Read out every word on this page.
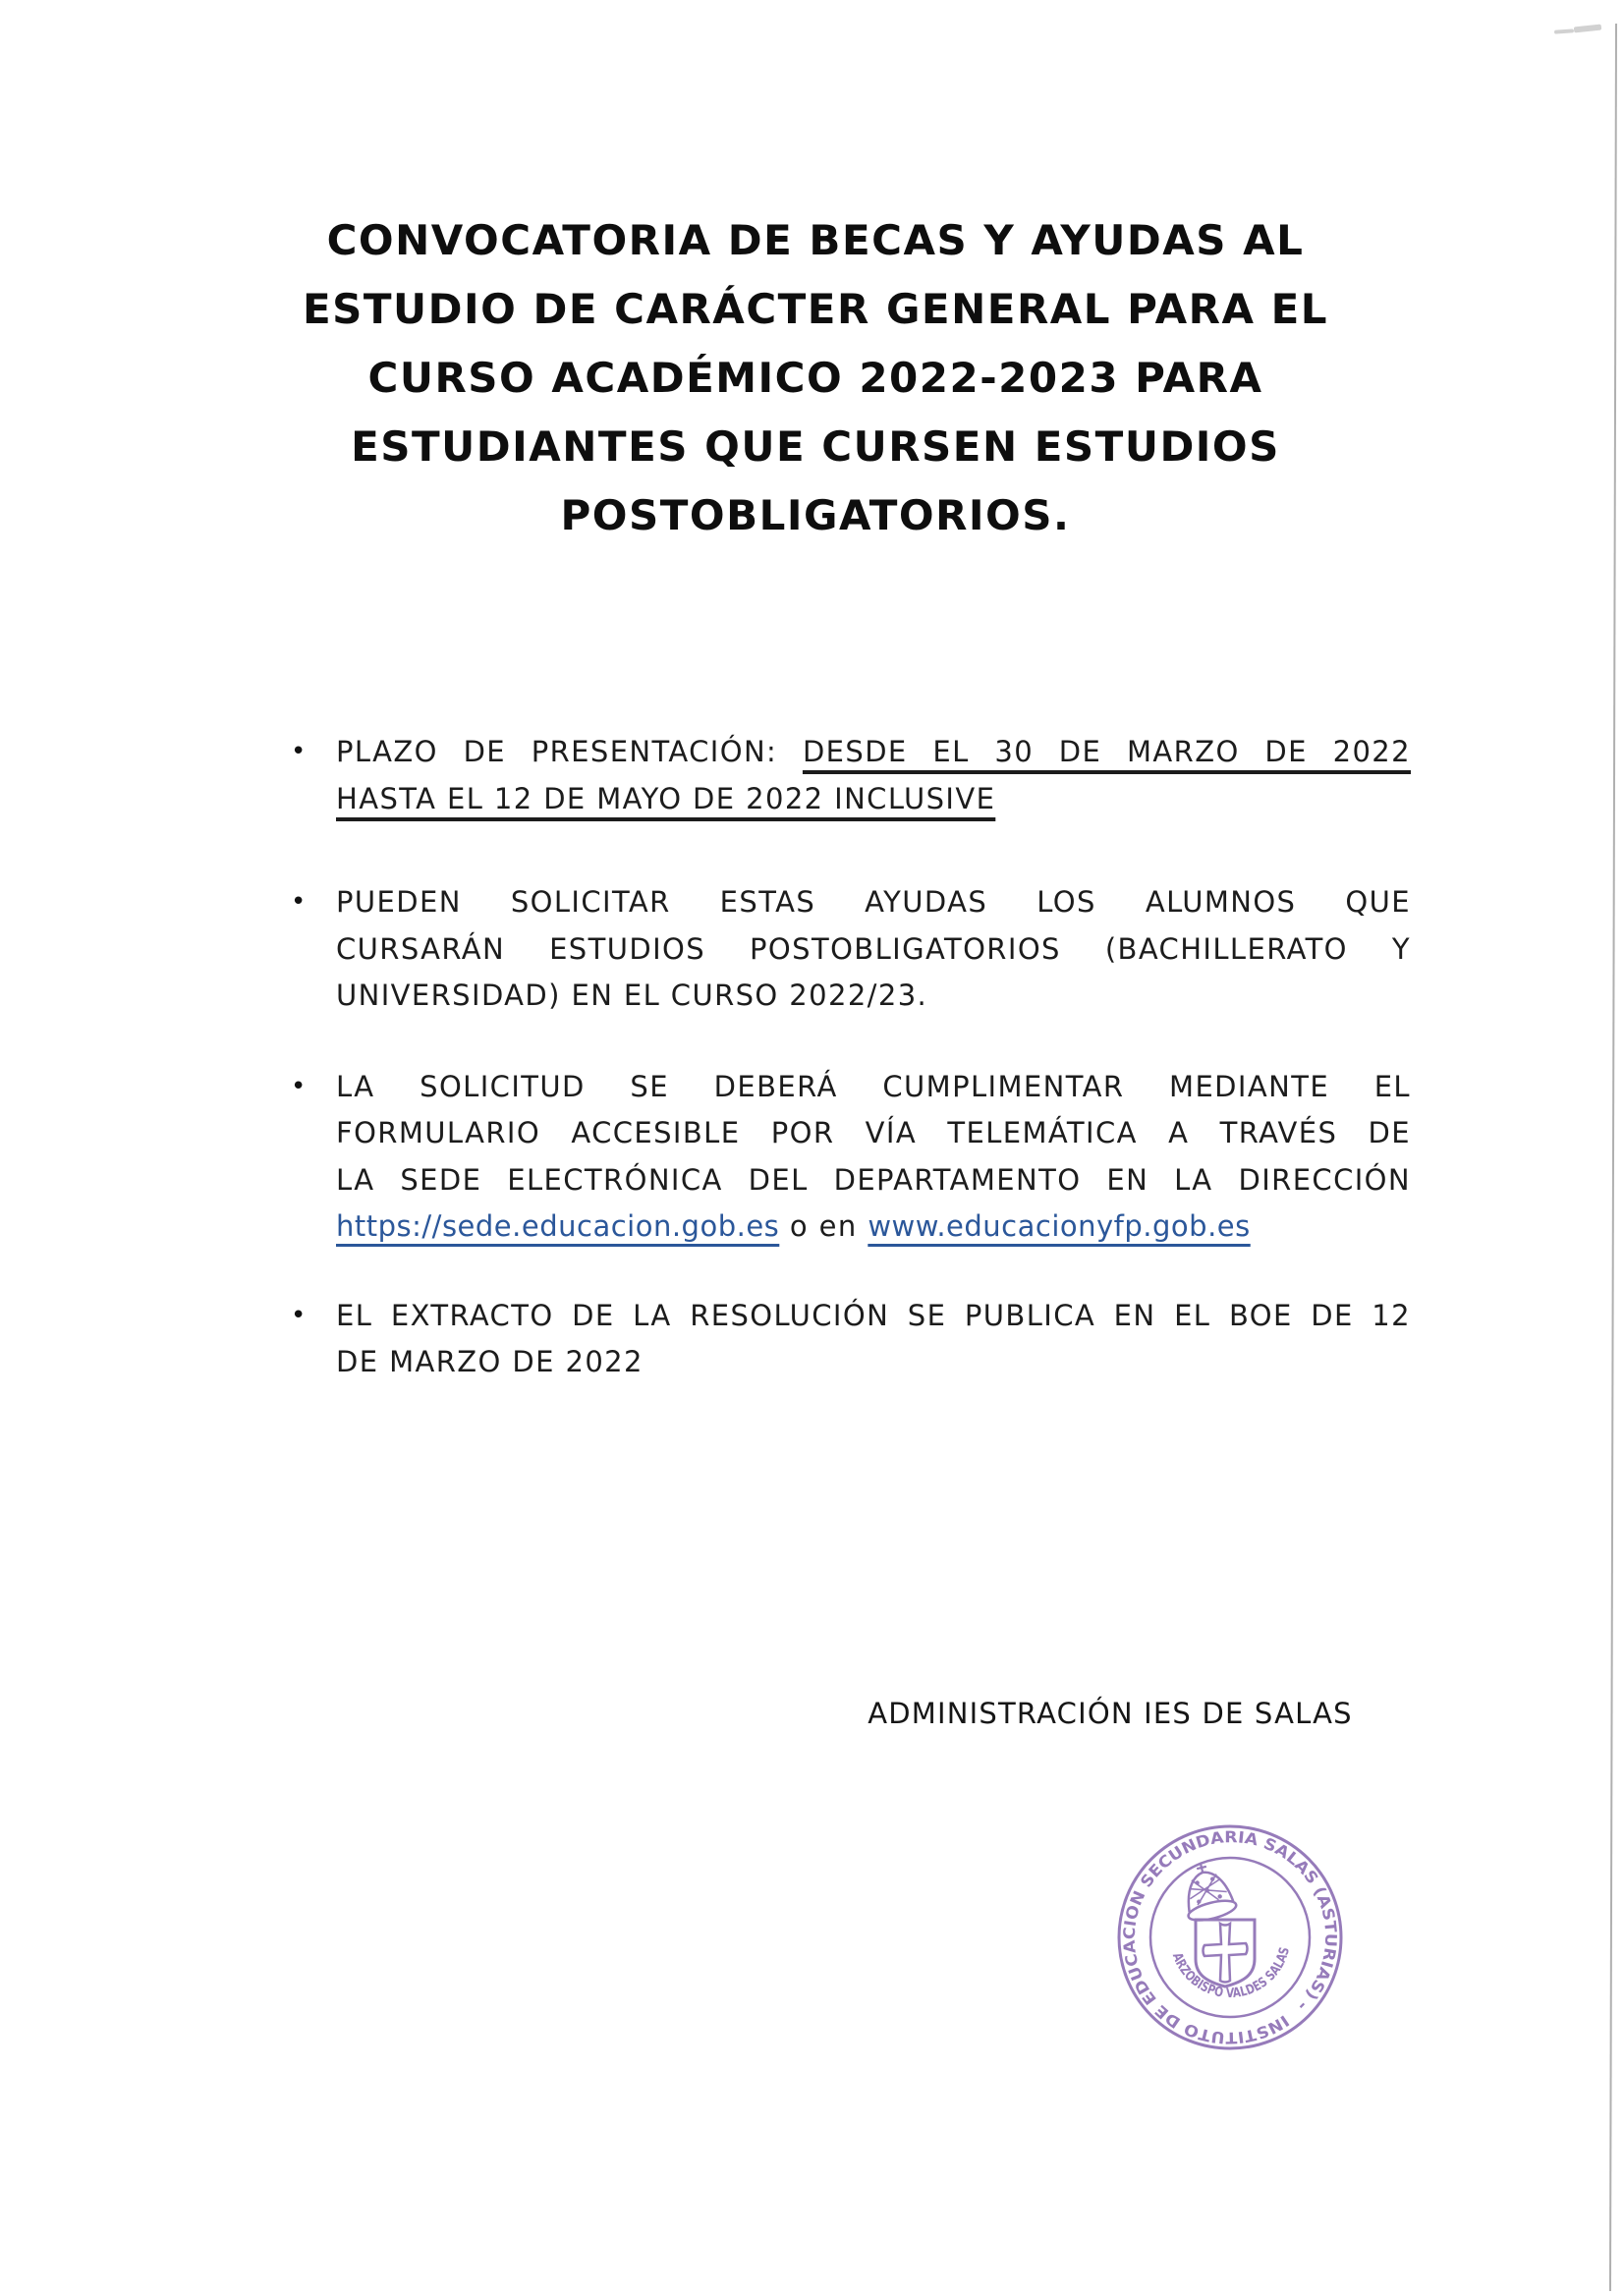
CONVOCATORIA DE BECAS Y AYUDAS AL
ESTUDIO DE CARÁCTER GENERAL PARA EL
CURSO ACADÉMICO 2022-2023 PARA
ESTUDIANTES QUE CURSEN ESTUDIOS
POSTOBLIGATORIOS.
•	PLAZO DE PRESENTACIÓN: DESDE EL 30 DE MARZO DE 2022
HASTA EL 12 DE MAYO DE 2022 INCLUSIVE
•	PUEDEN SOLICITAR ESTAS AYUDAS LOS ALUMNOS QUE
CURSARÁN ESTUDIOS POSTOBLIGATORIOS (BACHILLERATO Y
UNIVERSIDAD) EN EL CURSO 2022/23.
•	LA SOLICITUD SE DEBERÁ CUMPLIMENTAR MEDIANTE EL
FORMULARIO ACCESIBLE POR VÍA TELEMÁTICA A TRAVÉS DE
LA SEDE ELECTRÓNICA DEL DEPARTAMENTO EN LA DIRECCIÓN
https://sede.educacion.gob.es o en www.educacionyfp.gob.es
•	EL EXTRACTO DE LA RESOLUCIÓN SE PUBLICA EN EL BOE DE 12
DE MARZO DE 2022
ADMINISTRACIÓN IES DE SALAS
INSTITUTO DE EDUCACION SECUNDARIA SALAS (ASTURIAS) -
ARZOBISPO VALDES SALAS
